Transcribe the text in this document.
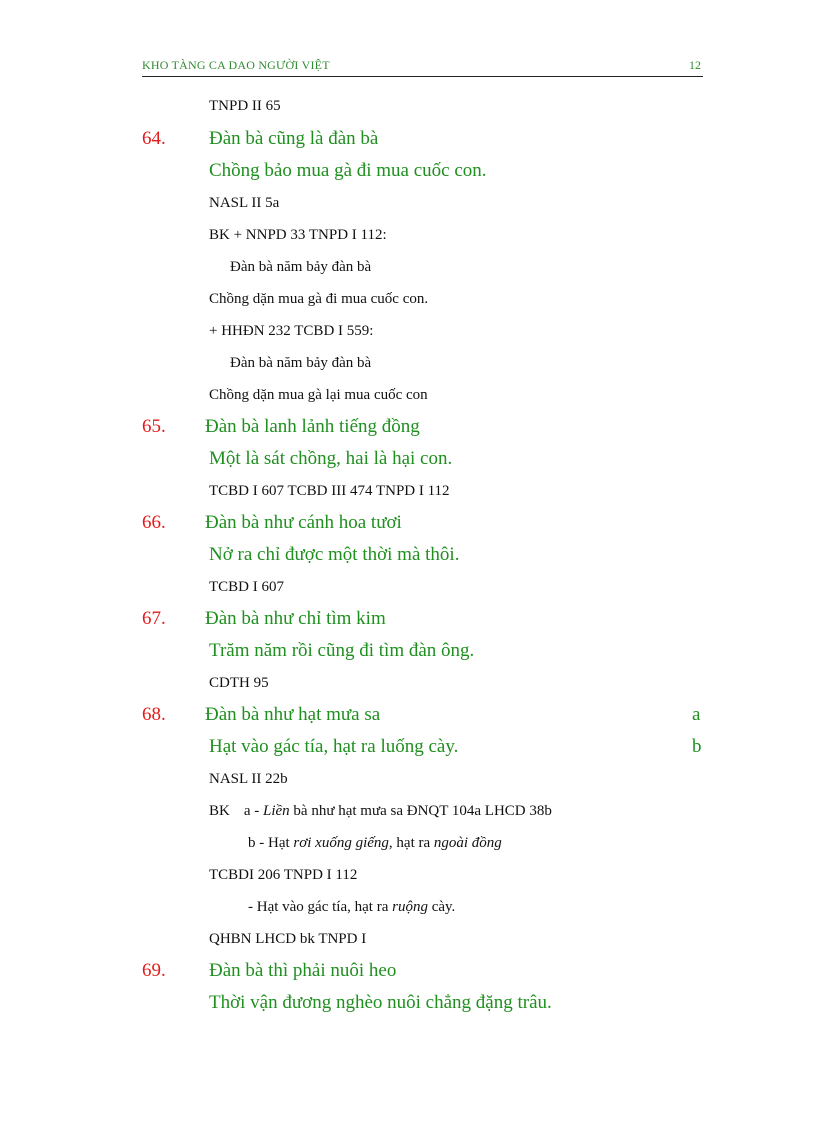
KHO TÀNG CA DAO NGƯỜI VIỆT	12
TNPD II 65
64. Đàn bà cũng là đàn bà
Chồng bảo mua gà đi mua cuốc con.
NASL II 5a
BK + NNPD 33 TNPD I 112:
Đàn bà năm bảy đàn bà
Chồng dặn mua gà đi mua cuốc con.
+ HHĐN 232 TCBD I 559:
Đàn bà năm bảy đàn bà
Chồng dặn mua gà lại mua cuốc con
65. Đàn bà lanh lảnh tiếng đồng
Một là sát chồng, hai là hại con.
TCBD I 607 TCBD III 474 TNPD I 112
66. Đàn bà như cánh hoa tươi
Nở ra chỉ được một thời mà thôi.
TCBD I 607
67. Đàn bà như chỉ tìm kim
Trăm năm rồi cũng đi tìm đàn ông.
CDTH 95
68. Đàn bà như hạt mưa sa	a
Hạt vào gác tía, hạt ra luống cày.	b
NASL II 22b
BK a - Liền bà như hạt mưa sa ĐNQT 104a LHCD 38b
b - Hạt rơi xuống giếng, hạt ra ngoài đồng
TCBDI 206 TNPD I 112
- Hạt vào gác tía, hạt ra ruộng cày.
QHBN LHCD bk TNPD I
69. Đàn bà thì phải nuôi heo
Thời vận đương nghèo nuôi chẳng đặng trâu.
